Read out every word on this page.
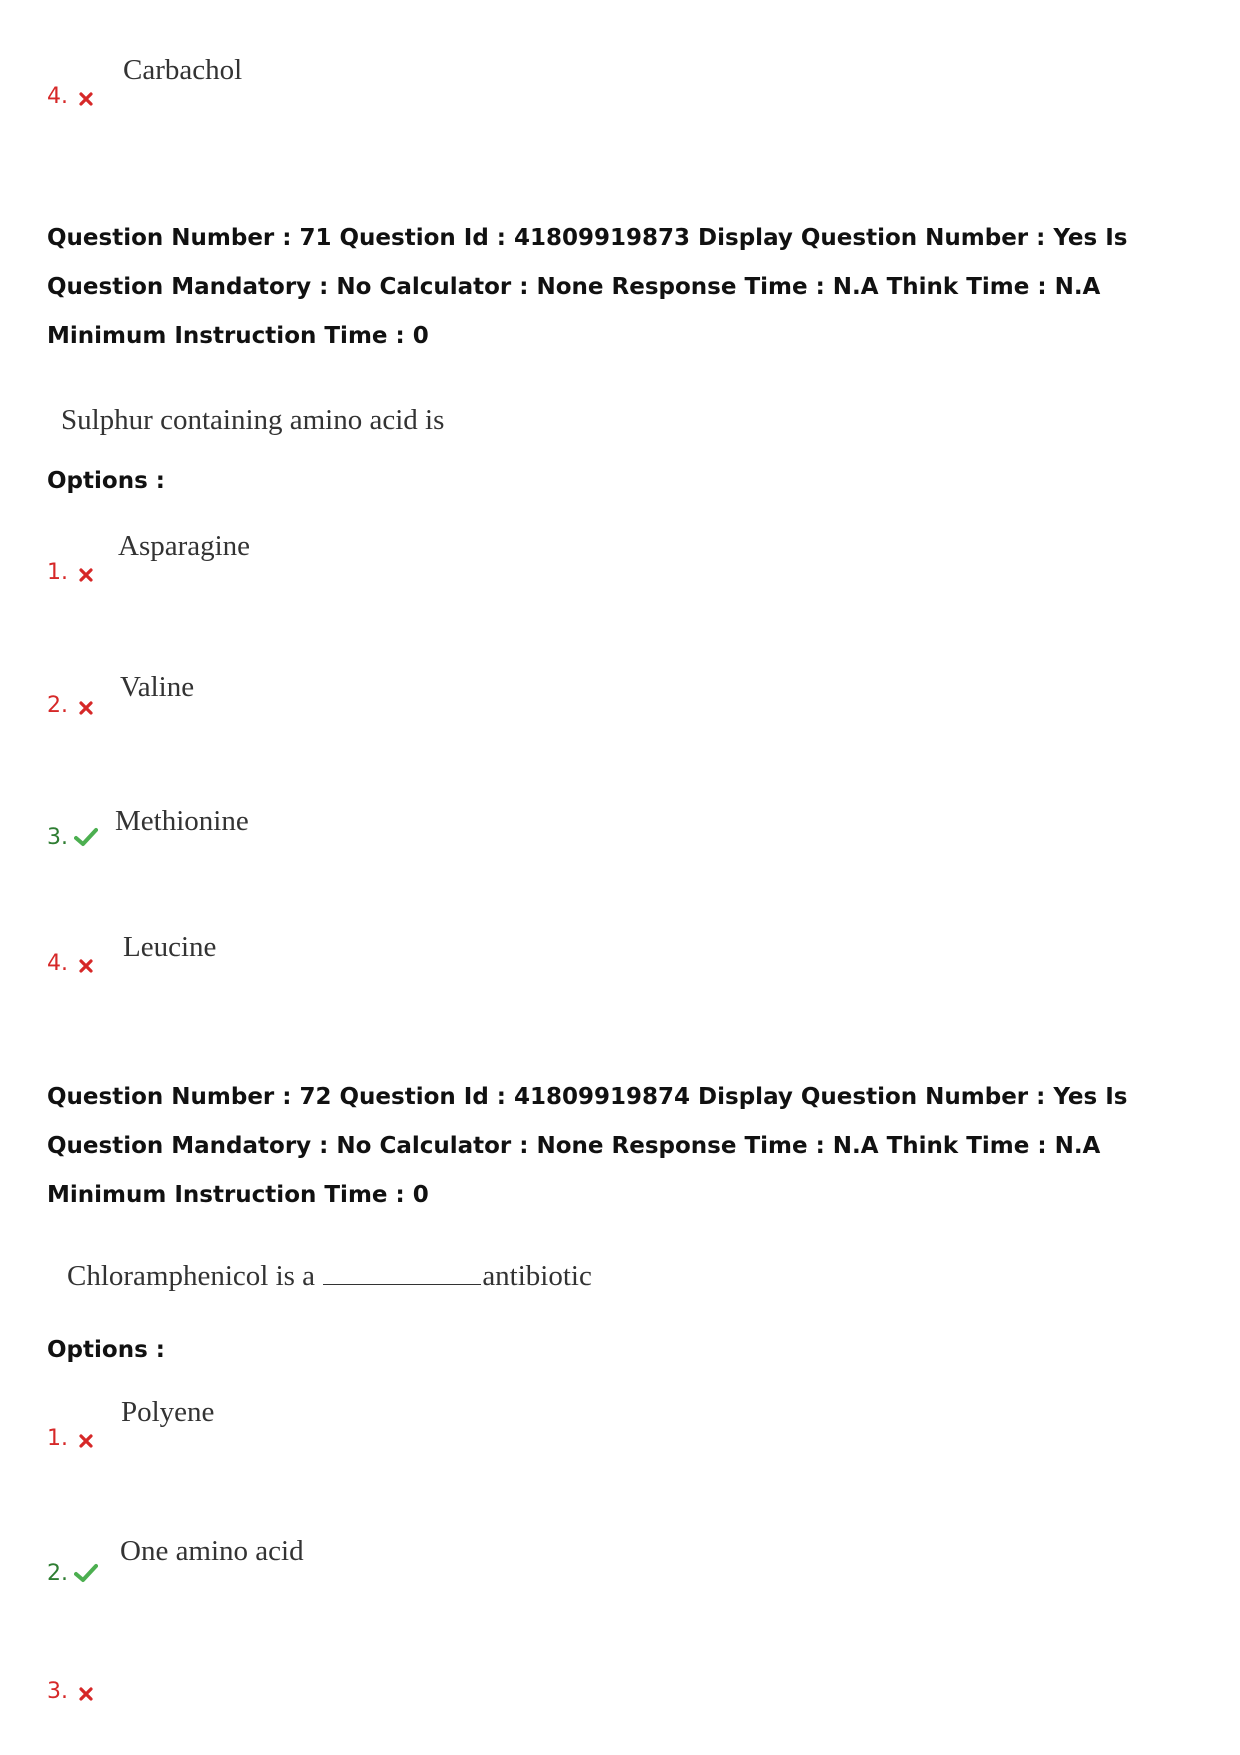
4.
Carbachol
Question Number : 71 Question Id : 41809919873 Display Question Number : Yes Is Question Mandatory : No Calculator : None Response Time : N.A Think Time : N.A Minimum Instruction Time : 0
Sulphur containing amino acid is
Options :
1.
Asparagine
2.
Valine
3.
Methionine
4.
Leucine
Question Number : 72 Question Id : 41809919874 Display Question Number : Yes Is Question Mandatory : No Calculator : None Response Time : N.A Think Time : N.A Minimum Instruction Time : 0
Chloramphenicol is a	antibiotic
Options :
1.
Polyene
2.
One amino acid
3.
